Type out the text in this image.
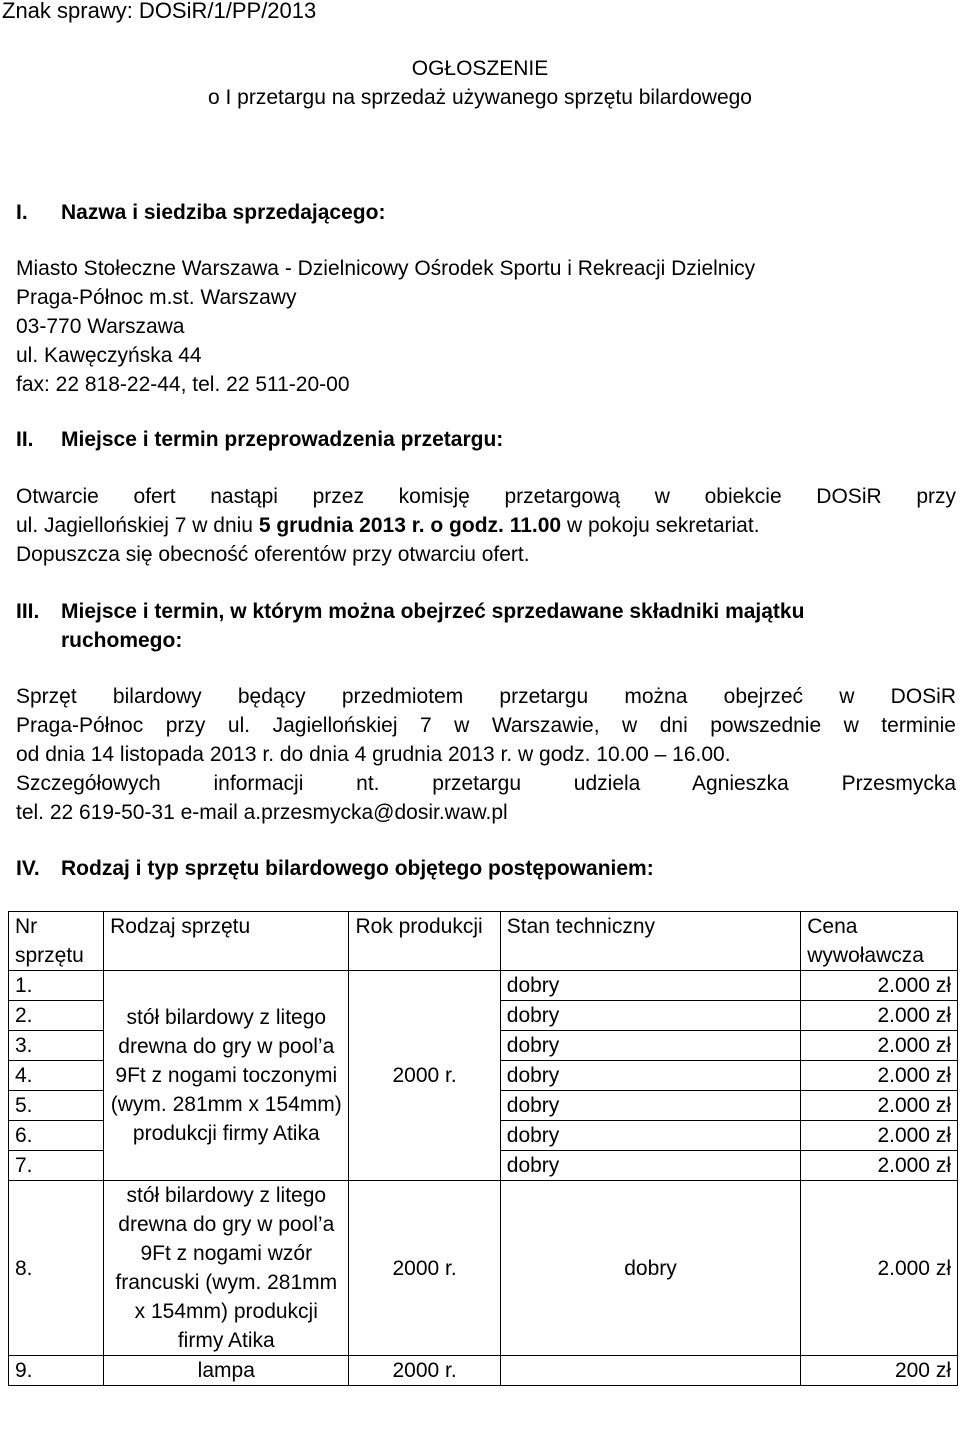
Znak sprawy: DOSiR/1/PP/2013
OGŁOSZENIE
o I przetargu na sprzedaż używanego sprzętu bilardowego
I. Nazwa i siedziba sprzedającego:
Miasto Stołeczne Warszawa - Dzielnicowy Ośrodek Sportu i Rekreacji Dzielnicy
Praga-Północ m.st. Warszawy
03-770 Warszawa
ul. Kawęczyńska 44
fax: 22 818-22-44, tel. 22 511-20-00
II. Miejsce i termin przeprowadzenia przetargu:
Otwarcie ofert nastąpi przez komisję przetargową w obiekcie DOSiR przy
ul. Jagiellońskiej 7 w dniu 5 grudnia 2013 r. o godz. 11.00 w pokoju sekretariat.
Dopuszcza się obecność oferentów przy otwarciu ofert.
III. Miejsce i termin, w którym można obejrzeć sprzedawane składniki majątku
ruchomego:
Sprzęt bilardowy będący przedmiotem przetargu można obejrzeć w DOSiR
Praga-Północ przy ul. Jagiellońskiej 7 w Warszawie, w dni powszednie w terminie
od dnia 14 listopada 2013 r. do dnia 4 grudnia 2013 r. w godz. 10.00 – 16.00.
Szczegółowych informacji nt. przetargu udziela Agnieszka Przesmycka
tel. 22 619-50-31 e-mail a.przesmycka@dosir.waw.pl
IV. Rodzaj i typ sprzętu bilardowego objętego postępowaniem:
Nr sprzętu	Rodzaj sprzętu	Rok produkcji	Stan techniczny	Cena wywoławcza
1.	stół bilardowy z litego drewna do gry w pool’a 9Ft z nogami toczonymi (wym. 281mm x 154mm) produkcji firmy Atika	2000 r.	dobry	2.000 zł
2.			dobry	2.000 zł
3.			dobry	2.000 zł
4.			dobry	2.000 zł
5.			dobry	2.000 zł
6.			dobry	2.000 zł
7.			dobry	2.000 zł
8.	stół bilardowy z litego drewna do gry w pool’a 9Ft z nogami wzór francuski (wym. 281mm x 154mm) produkcji firmy Atika	2000 r.	dobry	2.000 zł
9.	lampa	2000 r.		200 zł
